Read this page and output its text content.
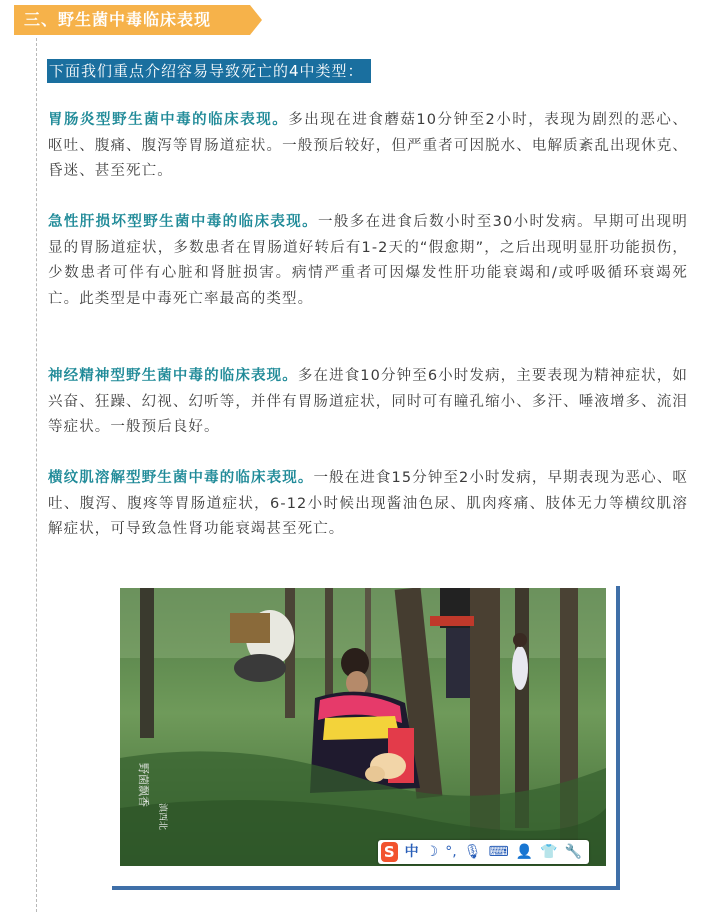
三、野生菌中毒临床表现
下面我们重点介绍容易导致死亡的4中类型：
胃肠炎型野生菌中毒的临床表现。多出现在进食蘑菇10分钟至2小时，表现为剧烈的恶心、 呕吐、腹痛、腹泻等胃肠道症状。一般预后较好，但严重者可因脱水、电解质紊乱出现休克、昏迷、甚至死亡。
急性肝损坏型野生菌中毒的临床表现。一般多在进食后数小时至30小时发病。早期可出现明显的胃肠道症状，多数患者在胃肠道好转后有1-2天的“假愈期”，之后出现明显肝功能损伤，少数患者可伴有心脏和肾脏损害。病情严重者可因爆发性肝功能衰竭和/或呼吸循环衰竭死亡。此类型是中毒死亡率最高的类型。
神经精神型野生菌中毒的临床表现。多在进食10分钟至6小时发病，主要表现为精神症状，如兴奋、狂躁、幻视、幻听等，并伴有胃肠道症状，同时可有瞳孔缩小、多汗、唾液增多、流泪等症状。一般预后良好。
横纹肌溶解型野生菌中毒的临床表现。一般在进食15分钟至2小时发病，早期表现为恶心、呕吐、腹泻、腹疼等胃肠道症状，6-12小时候出现酱油色尿、肌肉疼痛、肢体无力等横纹肌溶解症状，可导致急性肾功能衰竭甚至死亡。
野菌飘香
滇西北
S 中 ☽ °, 🎙 ⌨ 👤 👕 🔧
